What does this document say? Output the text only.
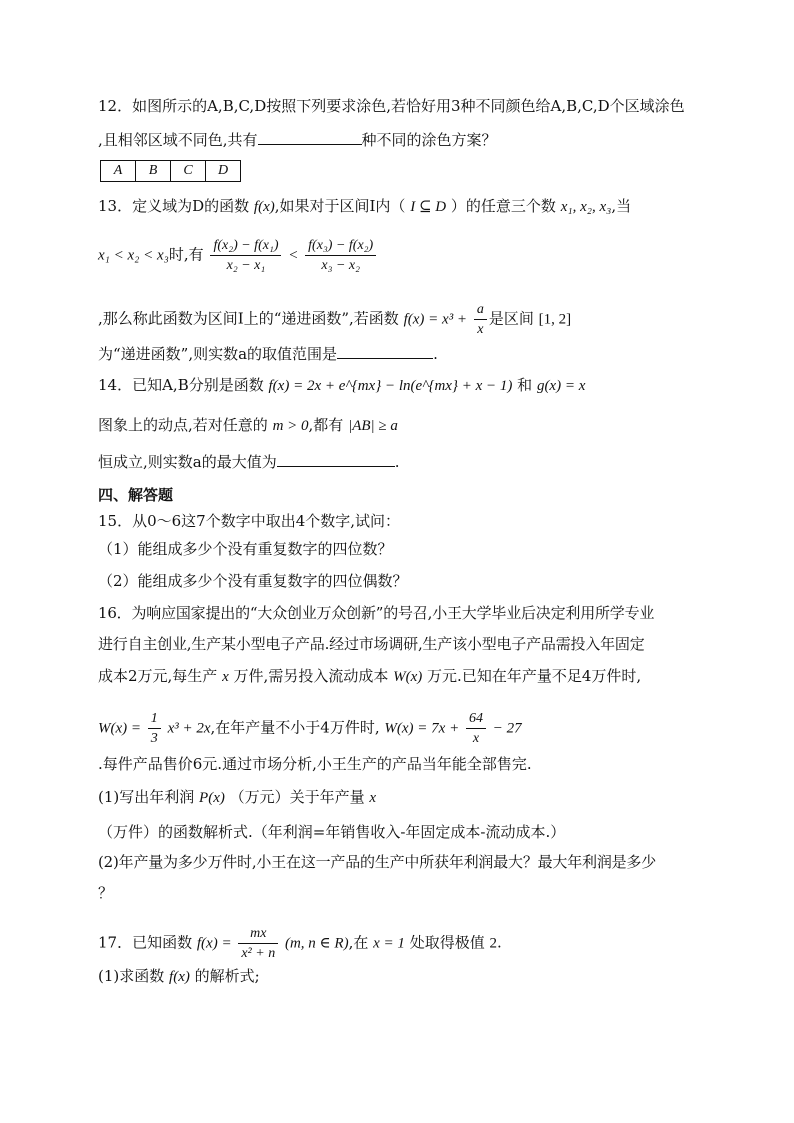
12．如图所示的A,B,C,D按照下列要求涂色,若恰好用3种不同颜色给A,B,C,D个区域涂色
,且相邻区域不同色,共有	种不同的涂色方案？
A	B	C	D
13．定义域为D的函数 f(x),如果对于区间I内（ I ⊆ D ）的任意三个数 x₁, x₂, x₃,当
x₁ < x₂ < x₃时,有 $\frac{\text{f(x₂) − f(x₁)}}{\text{x₂ − x₁}} < \frac{\text{f(x₃) − f(x₂)}}{\text{x₃ − x₂}}$
,那么称此函数为区间I上的“递进函数”,若函数 $f(x) = x^3 + \frac{a}{x}$ 是区间 [1, 2]
为“递进函数”,则实数a的取值范围是	.
14．已知A,B分别是函数 f(x) = 2x + e^{mx} − ln(e^{mx} + x − 1) 和 g(x) = x
图象上的动点,若对任意的 m > 0,都有 |AB| ≥ a
恒成立,则实数a的最大值为	.
四、解答题
15．从0～6这7个数字中取出4个数字,试问：
（1）能组成多少个没有重复数字的四位数？
（2）能组成多少个没有重复数字的四位偶数？
16．为响应国家提出的“大众创业万众创新”的号召,小王大学毕业后决定利用所学专业
进行自主创业,生产某小型电子产品.经过市场调研,生产该小型电子产品需投入年固定
成本2万元,每生产 x 万件,需另投入流动成本 W(x) 万元.已知在年产量不足4万件时,
$W(x) = \frac{1}{3} x^3 + 2x$,在年产量不小于4万件时, $W(x) = 7x + \frac{64}{x} - 27$
.每件产品售价6元.通过市场分析,小王生产的产品当年能全部售完.
(1)写出年利润 P(x) （万元）关于年产量 x
（万件）的函数解析式.（年利润=年销售收入-年固定成本-流动成本.）
(2)年产量为多少万件时,小王在这一产品的生产中所获年利润最大？最大年利润是多少
？
17．已知函数 $f(x) = \frac{mx}{\text{x² + n}} (m$, n ∈ R),在 x = 1 处取得极值 2.
(1)求函数 f(x) 的解析式;
